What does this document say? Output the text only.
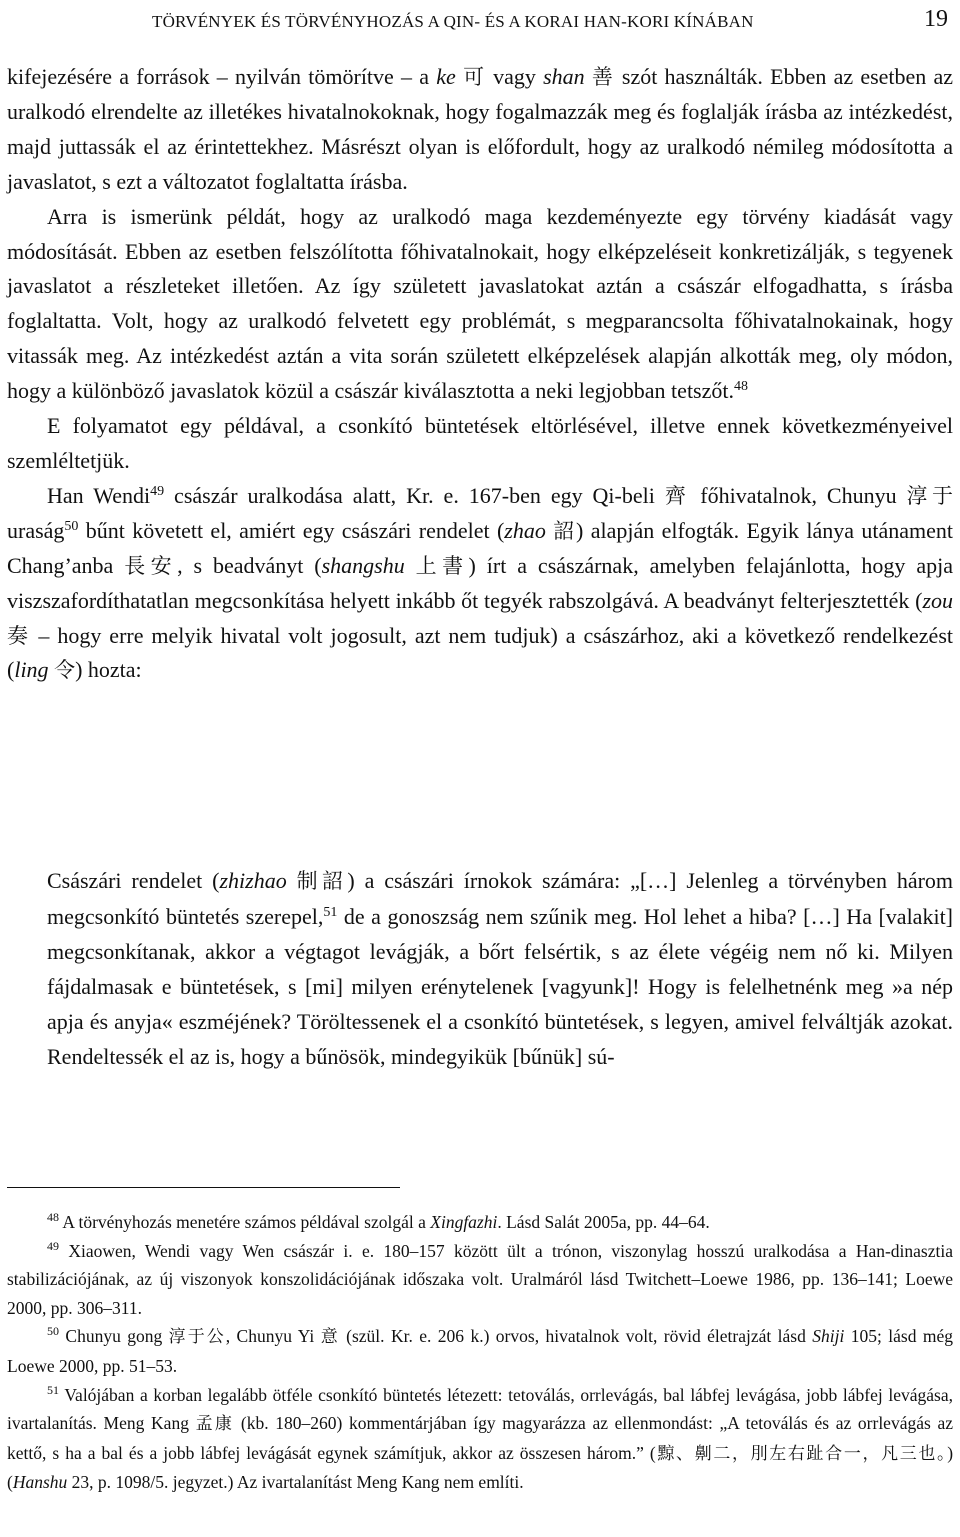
TÖRVÉNYEK ÉS TÖRVÉNYHOZÁS A QIN- ÉS A KORAI HAN-KORI KÍNÁBAN	19

kifejezésére a források – nyilván tömörítve – a ke 可 vagy shan 善 szót használták. Ebben az esetben az uralkodó elrendelte az illetékes hivatalnokoknak, hogy fogalmazzák meg és foglalják írásba az intézkedést, majd juttassák el az érintettekhez. Másrészt olyan is előfordult, hogy az uralkodó némileg módosította a javaslatot, s ezt a változatot foglaltatta írásba.

Arra is ismerünk példát, hogy az uralkodó maga kezdeményezte egy törvény kiadását vagy módosítását. Ebben az esetben felszólította főhivatalnokait, hogy elképzeléseit konkretizálják, s tegyenek javaslatot a részleteket illetően. Az így született javaslatokat aztán a császár elfogadhatta, s írásba foglaltatta. Volt, hogy az uralkodó felvetett egy problémát, s megparancsolta főhivatalnokainak, hogy vitassák meg. Az intézkedést aztán a vita során született elképzelések alapján alkották meg, oly módon, hogy a különböző javaslatok közül a császár kiválasztotta a neki legjobban tetszőt.$^{48}$

E folyamatot egy példával, a csonkító büntetések eltörlésével, illetve ennek következményeivel szemléltetjük.

Han Wendi$^{49}$ császár uralkodása alatt, Kr. e. 167-ben egy Qi-beli 齊 főhivatalnok, Chunyu 淳于 uraság$^{50}$ bűnt követett el, amiért egy császári rendelet (zhao 詔) alapján elfogták. Egyik lánya utánament Chang’anba 長安, s beadványt (shangshu 上書) írt a császárnak, amelyben felajánlotta, hogy apja viszszafordíthatatlan megcsonkítása helyett inkább őt tegyék rabszolgává. A beadványt felterjesztették (zou 奏 – hogy erre melyik hivatal volt jogosult, azt nem tudjuk) a császárhoz, aki a következő rendelkezést (ling 令) hozta:

Császári rendelet (zhizhao 制詔) a császári írnokok számára: „[…] Jelenleg a törvényben három megcsonkító büntetés szerepel,$^{51}$ de a gonoszság nem szűnik meg. Hol lehet a hiba? […] Ha [valakit] megcsonkítanak, akkor a végtagot levágják, a bőrt felsértik, s az élete végéig nem nő ki. Milyen fájdalmasak e büntetések, s [mi] milyen erénytelenek [vagyunk]! Hogy is felelhetnénk meg »a nép apja és anyja« eszméjének? Töröltessenek el a csonkító büntetések, s legyen, amivel felváltják azokat. Rendeltessék el az is, hogy a bűnösök, mindegyikük [bűnük] sú-

$^{48}$ A törvényhozás menetére számos példával szolgál a Xingfazhi. Lásd Salát 2005a, pp. 44–64.

$^{49}$ Xiaowen, Wendi vagy Wen császár i. e. 180–157 között ült a trónon, viszonylag hosszú uralkodása a Han-dinasztia stabilizációjának, az új viszonyok konszolidációjának időszaka volt. Uralmáról lásd Twitchett–Loewe 1986, pp. 136–141; Loewe 2000, pp. 306–311.

$^{50}$ Chunyu gong 淳于公, Chunyu Yi 意 (szül. Kr. e. 206 k.) orvos, hivatalnok volt, rövid életrajzát lásd Shiji 105; lásd még Loewe 2000, pp. 51–53.

$^{51}$ Valójában a korban legalább ötféle csonkító büntetés létezett: tetoválás, orrlevágás, bal lábfej levágása, jobb lábfej levágása, ivartalanítás. Meng Kang 孟康 (kb. 180–260) kommentárjában így magyarázza az ellenmondást: „A tetoválás és az orrlevágás az kettő, s ha a bal és a jobb lábfej levágását egynek számítjuk, akkor az összesen három.” (黥、劓二，刖左右趾合一，凡三也。) (Hanshu 23, p. 1098/5. jegyzet.) Az ivartalanítást Meng Kang nem említi.
